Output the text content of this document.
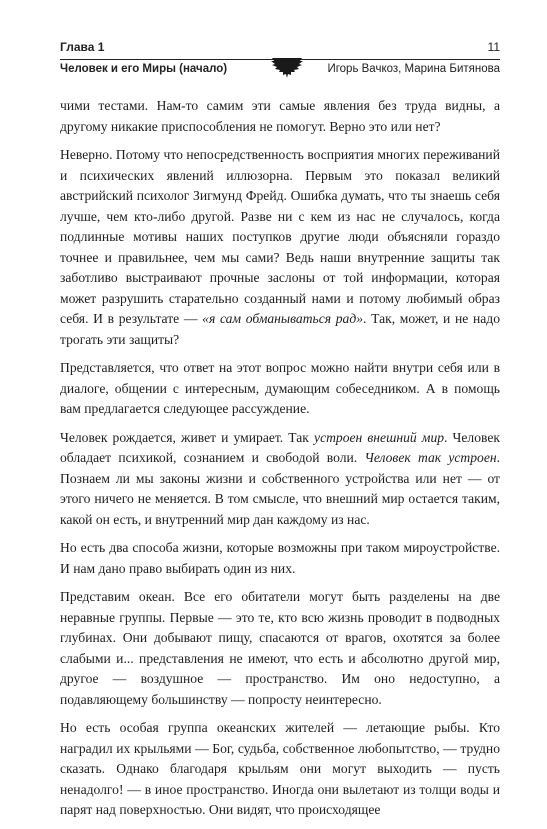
Глава 1	11
Человек и его Миры (начало)	Игорь Вачкоз, Марина Битянова

чими тестами. Нам-то самим эти самые явления без труда видны, а другому никакие приспособления не помогут. Верно это или нет?

Неверно. Потому что непосредственность восприятия многих переживаний и психических явлений иллюзорна. Первым это показал великий австрийский психолог Зигмунд Фрейд. Ошибка думать, что ты знаешь себя лучше, чем кто-либо другой. Разве ни с кем из нас не случалось, когда подлинные мотивы наших поступков другие люди объясняли гораздо точнее и правильнее, чем мы сами? Ведь наши внутренние защиты так заботливо выстраивают прочные заслоны от той информации, которая может разрушить старательно созданный нами и потому любимый образ себя. И в результате — «я сам обманываться рад». Так, может, и не надо трогать эти защиты?

Представляется, что ответ на этот вопрос можно найти внутри себя или в диалоге, общении с интересным, думающим собеседником. А в помощь вам предлагается следующее рассуждение.

Человек рождается, живет и умирает. Так устроен внешний мир. Человек обладает психикой, сознанием и свободой воли. Человек так устроен. Познаем ли мы законы жизни и собственного устройства или нет — от этого ничего не меняется. В том смысле, что внешний мир остается таким, какой он есть, и внутренний мир дан каждому из нас.

Но есть два способа жизни, которые возможны при таком мироустройстве. И нам дано право выбирать один из них.

Представим океан. Все его обитатели могут быть разделены на две неравные группы. Первые — это те, кто всю жизнь проводит в подводных глубинах. Они добывают пищу, спасаются от врагов, охотятся за более слабыми и... представления не имеют, что есть и абсолютно другой мир, другое — воздушное — пространство. Им оно недоступно, а подавляющему большинству — попросту неинтересно.

Но есть особая группа океанских жителей — летающие рыбы. Кто наградил их крыльями — Бог, судьба, собственное любопытство, — трудно сказать. Однако благодаря крыльям они могут выходить — пусть ненадолго! — в иное пространство. Иногда они вылетают из толщи воды и парят над поверхностью. Они видят, что происходящее
